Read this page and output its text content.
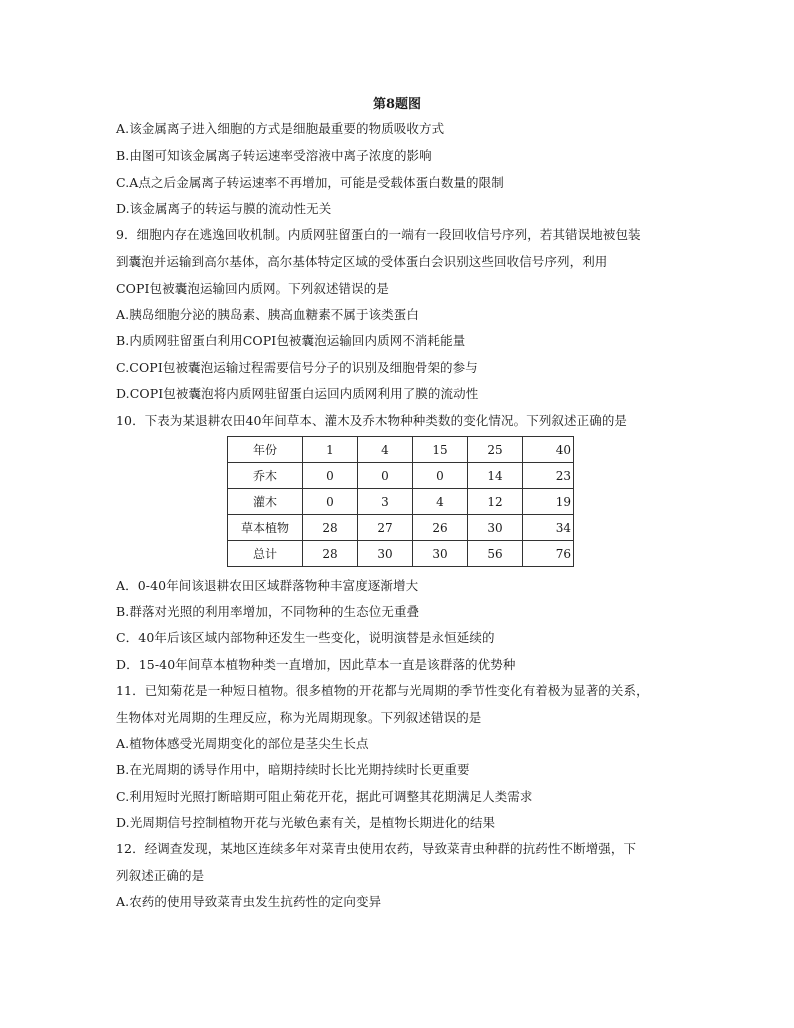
第8题图
A.该金属离子进入细胞的方式是细胞最重要的物质吸收方式
B.由图可知该金属离子转运速率受溶液中离子浓度的影响
C.A点之后金属离子转运速率不再增加，可能是受载体蛋白数量的限制
D.该金属离子的转运与膜的流动性无关
9．细胞内存在逃逸回收机制。内质网驻留蛋白的一端有一段回收信号序列，若其错误地被包装
到囊泡并运输到高尔基体，高尔基体特定区域的受体蛋白会识别这些回收信号序列，利用
COPI包被囊泡运输回内质网。下列叙述错误的是
A.胰岛细胞分泌的胰岛素、胰高血糖素不属于该类蛋白
B.内质网驻留蛋白利用COPI包被囊泡运输回内质网不消耗能量
C.COPI包被囊泡运输过程需要信号分子的识别及细胞骨架的参与
D.COPI包被囊泡将内质网驻留蛋白运回内质网利用了膜的流动性
10．下表为某退耕农田40年间草本、灌木及乔木物种种类数的变化情况。下列叙述正确的是
年份	1	4	15	25	40
乔木	0	0	0	14	23
灌木	0	3	4	12	19
草本植物	28	27	26	30	34
总计	28	30	30	56	76
A．0-40年间该退耕农田区域群落物种丰富度逐渐增大
B.群落对光照的利用率增加，不同物种的生态位无重叠
C．40年后该区域内部物种还发生一些变化，说明演替是永恒延续的
D．15-40年间草本植物种类一直增加，因此草本一直是该群落的优势种
11．已知菊花是一种短日植物。很多植物的开花都与光周期的季节性变化有着极为显著的关系，
生物体对光周期的生理反应，称为光周期现象。下列叙述错误的是
A.植物体感受光周期变化的部位是茎尖生长点
B.在光周期的诱导作用中，暗期持续时长比光期持续时长更重要
C.利用短时光照打断暗期可阻止菊花开花，据此可调整其花期满足人类需求
D.光周期信号控制植物开花与光敏色素有关，是植物长期进化的结果
12．经调查发现，某地区连续多年对菜青虫使用农药，导致菜青虫种群的抗药性不断增强，下
列叙述正确的是
A.农药的使用导致菜青虫发生抗药性的定向变异
